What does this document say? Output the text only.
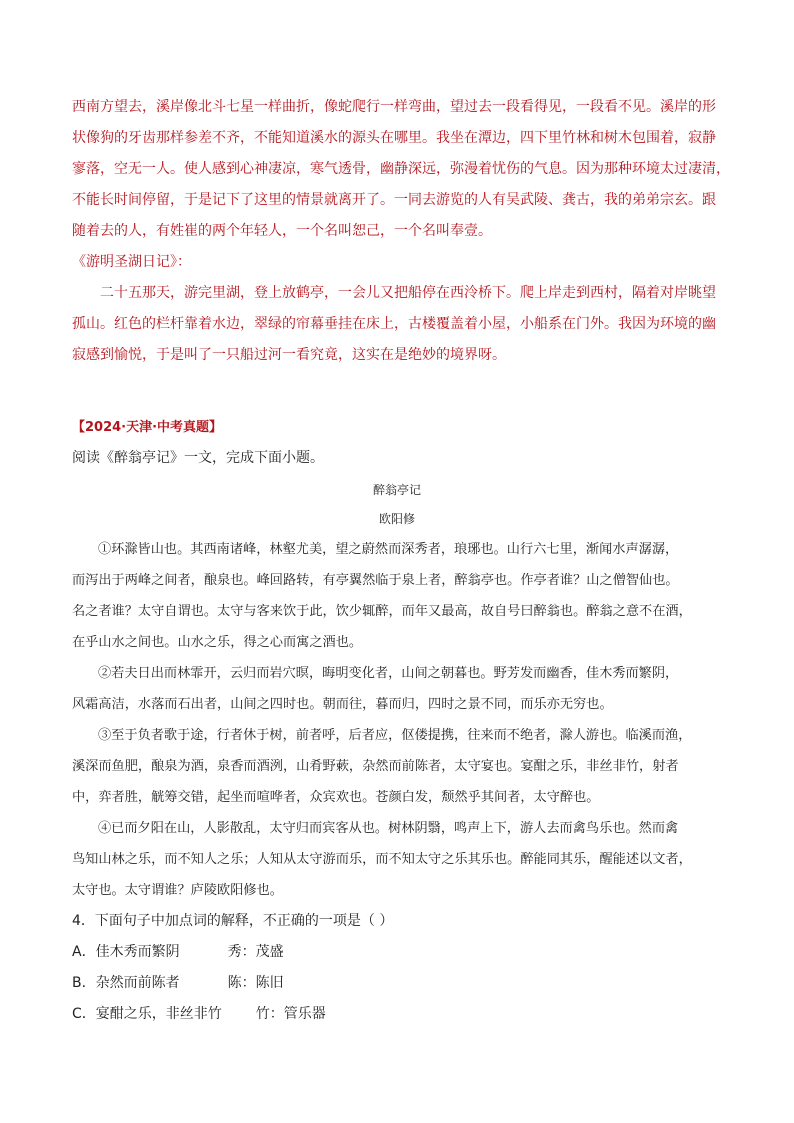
西南方望去，溪岸像北斗七星一样曲折，像蛇爬行一样弯曲，望过去一段看得见，一段看不见。溪岸的形
状像狗的牙齿那样参差不齐，不能知道溪水的源头在哪里。我坐在潭边，四下里竹林和树木包围着，寂静
寥落，空无一人。使人感到心神凄凉，寒气透骨，幽静深远，弥漫着忧伤的气息。因为那种环境太过凄清，
不能长时间停留，于是记下了这里的情景就离开了。一同去游览的人有吴武陵、龚古，我的弟弟宗玄。跟
随着去的人，有姓崔的两个年轻人，一个名叫恕己，一个名叫奉壹。
《游明圣湖日记》：
二十五那天，游完里湖，登上放鹤亭，一会儿又把船停在西泠桥下。爬上岸走到西村，隔着对岸眺望
孤山。红色的栏杆靠着水边，翠绿的帘幕垂挂在床上，古楼覆盖着小屋，小船系在门外。我因为环境的幽
寂感到愉悦，于是叫了一只船过河一看究竟，这实在是绝妙的境界呀。
【2024·天津·中考真题】
阅读《醉翁亭记》一文，完成下面小题。
醉翁亭记
欧阳修
①环滁皆山也。其西南诸峰，林壑尤美，望之蔚然而深秀者，琅琊也。山行六七里，渐闻水声潺潺，
而泻出于两峰之间者，酿泉也。峰回路转，有亭翼然临于泉上者，醉翁亭也。作亭者谁？山之僧智仙也。
名之者谁？太守自谓也。太守与客来饮于此，饮少辄醉，而年又最高，故自号曰醉翁也。醉翁之意不在酒，
在乎山水之间也。山水之乐，得之心而寓之酒也。
②若夫日出而林霏开，云归而岩穴暝，晦明变化者，山间之朝暮也。野芳发而幽香，佳木秀而繁阴，
风霜高洁，水落而石出者，山间之四时也。朝而往，暮而归，四时之景不同，而乐亦无穷也。
③至于负者歌于途，行者休于树，前者呼，后者应，伛偻提携，往来而不绝者，滁人游也。临溪而渔，
溪深而鱼肥，酿泉为酒，泉香而酒洌，山肴野蔌，杂然而前陈者，太守宴也。宴酣之乐，非丝非竹，射者
中，弈者胜，觥筹交错，起坐而喧哗者，众宾欢也。苍颜白发，颓然乎其间者，太守醉也。
④已而夕阳在山，人影散乱，太守归而宾客从也。树林阴翳，鸣声上下，游人去而禽鸟乐也。然而禽
鸟知山林之乐，而不知人之乐；人知从太守游而乐，而不知太守之乐其乐也。醉能同其乐，醒能述以文者，
太守也。太守谓谁？庐陵欧阳修也。
4．下面句子中加点词的解释，不正确的一项是（ ）
A．佳木秀而繁阴	秀：茂盛
B．杂然而前陈者	陈：陈旧
C．宴酣之乐，非丝非竹 竹：管乐器
